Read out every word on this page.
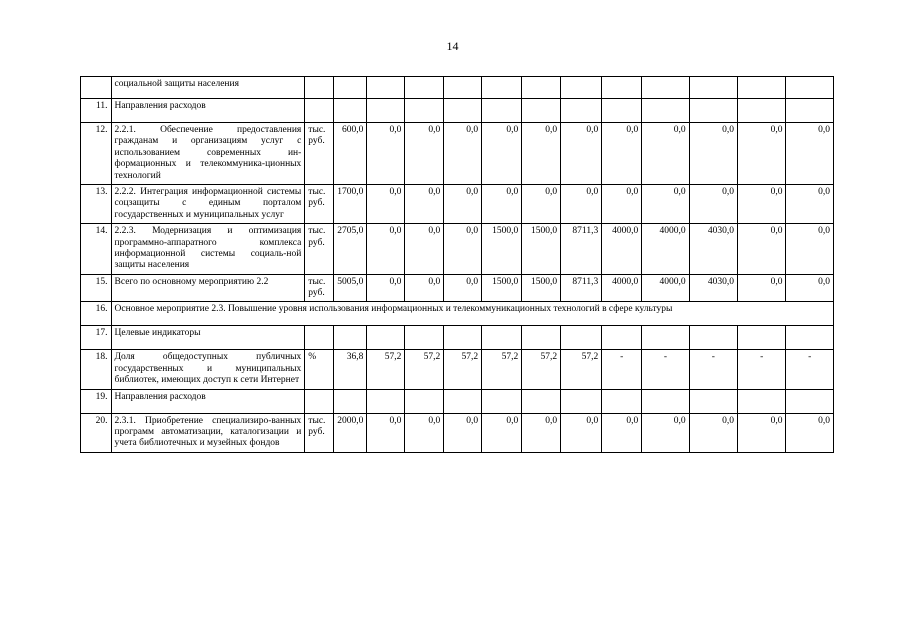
14
	социальной защиты населения													
11.	Направления расходов													
12.	2.2.1. Обеспечение предоставления гражданам и организациям услуг с использованием современных ин-формационных и телекоммуника-ционных технологий	тыс. руб.	600,0	0,0	0,0	0,0	0,0	0,0	0,0	0,0	0,0	0,0	0,0	0,0
13.	2.2.2. Интеграция информационной системы соцзащиты с единым порталом государственных и муниципальных услуг	тыс. руб.	1700,0	0,0	0,0	0,0	0,0	0,0	0,0	0,0	0,0	0,0	0,0	0,0
14.	2.2.3. Модернизация и оптимизация программно-аппаратного комплекса информационной системы социаль-ной защиты населения	тыс. руб.	2705,0	0,0	0,0	0,0	1500,0	1500,0	8711,3	4000,0	4000,0	4030,0	0,0	0,0
15.	Всего по основному мероприятию 2.2	тыс. руб.	5005,0	0,0	0,0	0,0	1500,0	1500,0	8711,3	4000,0	4000,0	4030,0	0,0	0,0
16.	Основное мероприятие 2.3. Повышение уровня использования информационных и телекоммуникационных технологий в сфере культуры													
17.	Целевые индикаторы													
18.	Доля общедоступных публичных государственных и муниципальных библиотек, имеющих доступ к сети Интернет	%	36,8	57,2	57,2	57,2	57,2	57,2	57,2	-	-	-	-	-
19.	Направления расходов													
20.	2.3.1. Приобретение специализиро-ванных программ автоматизации, каталогизации и учета библиотечных и музейных фондов	тыс. руб.	2000,0	0,0	0,0	0,0	0,0	0,0	0,0	0,0	0,0	0,0	0,0	0,0
